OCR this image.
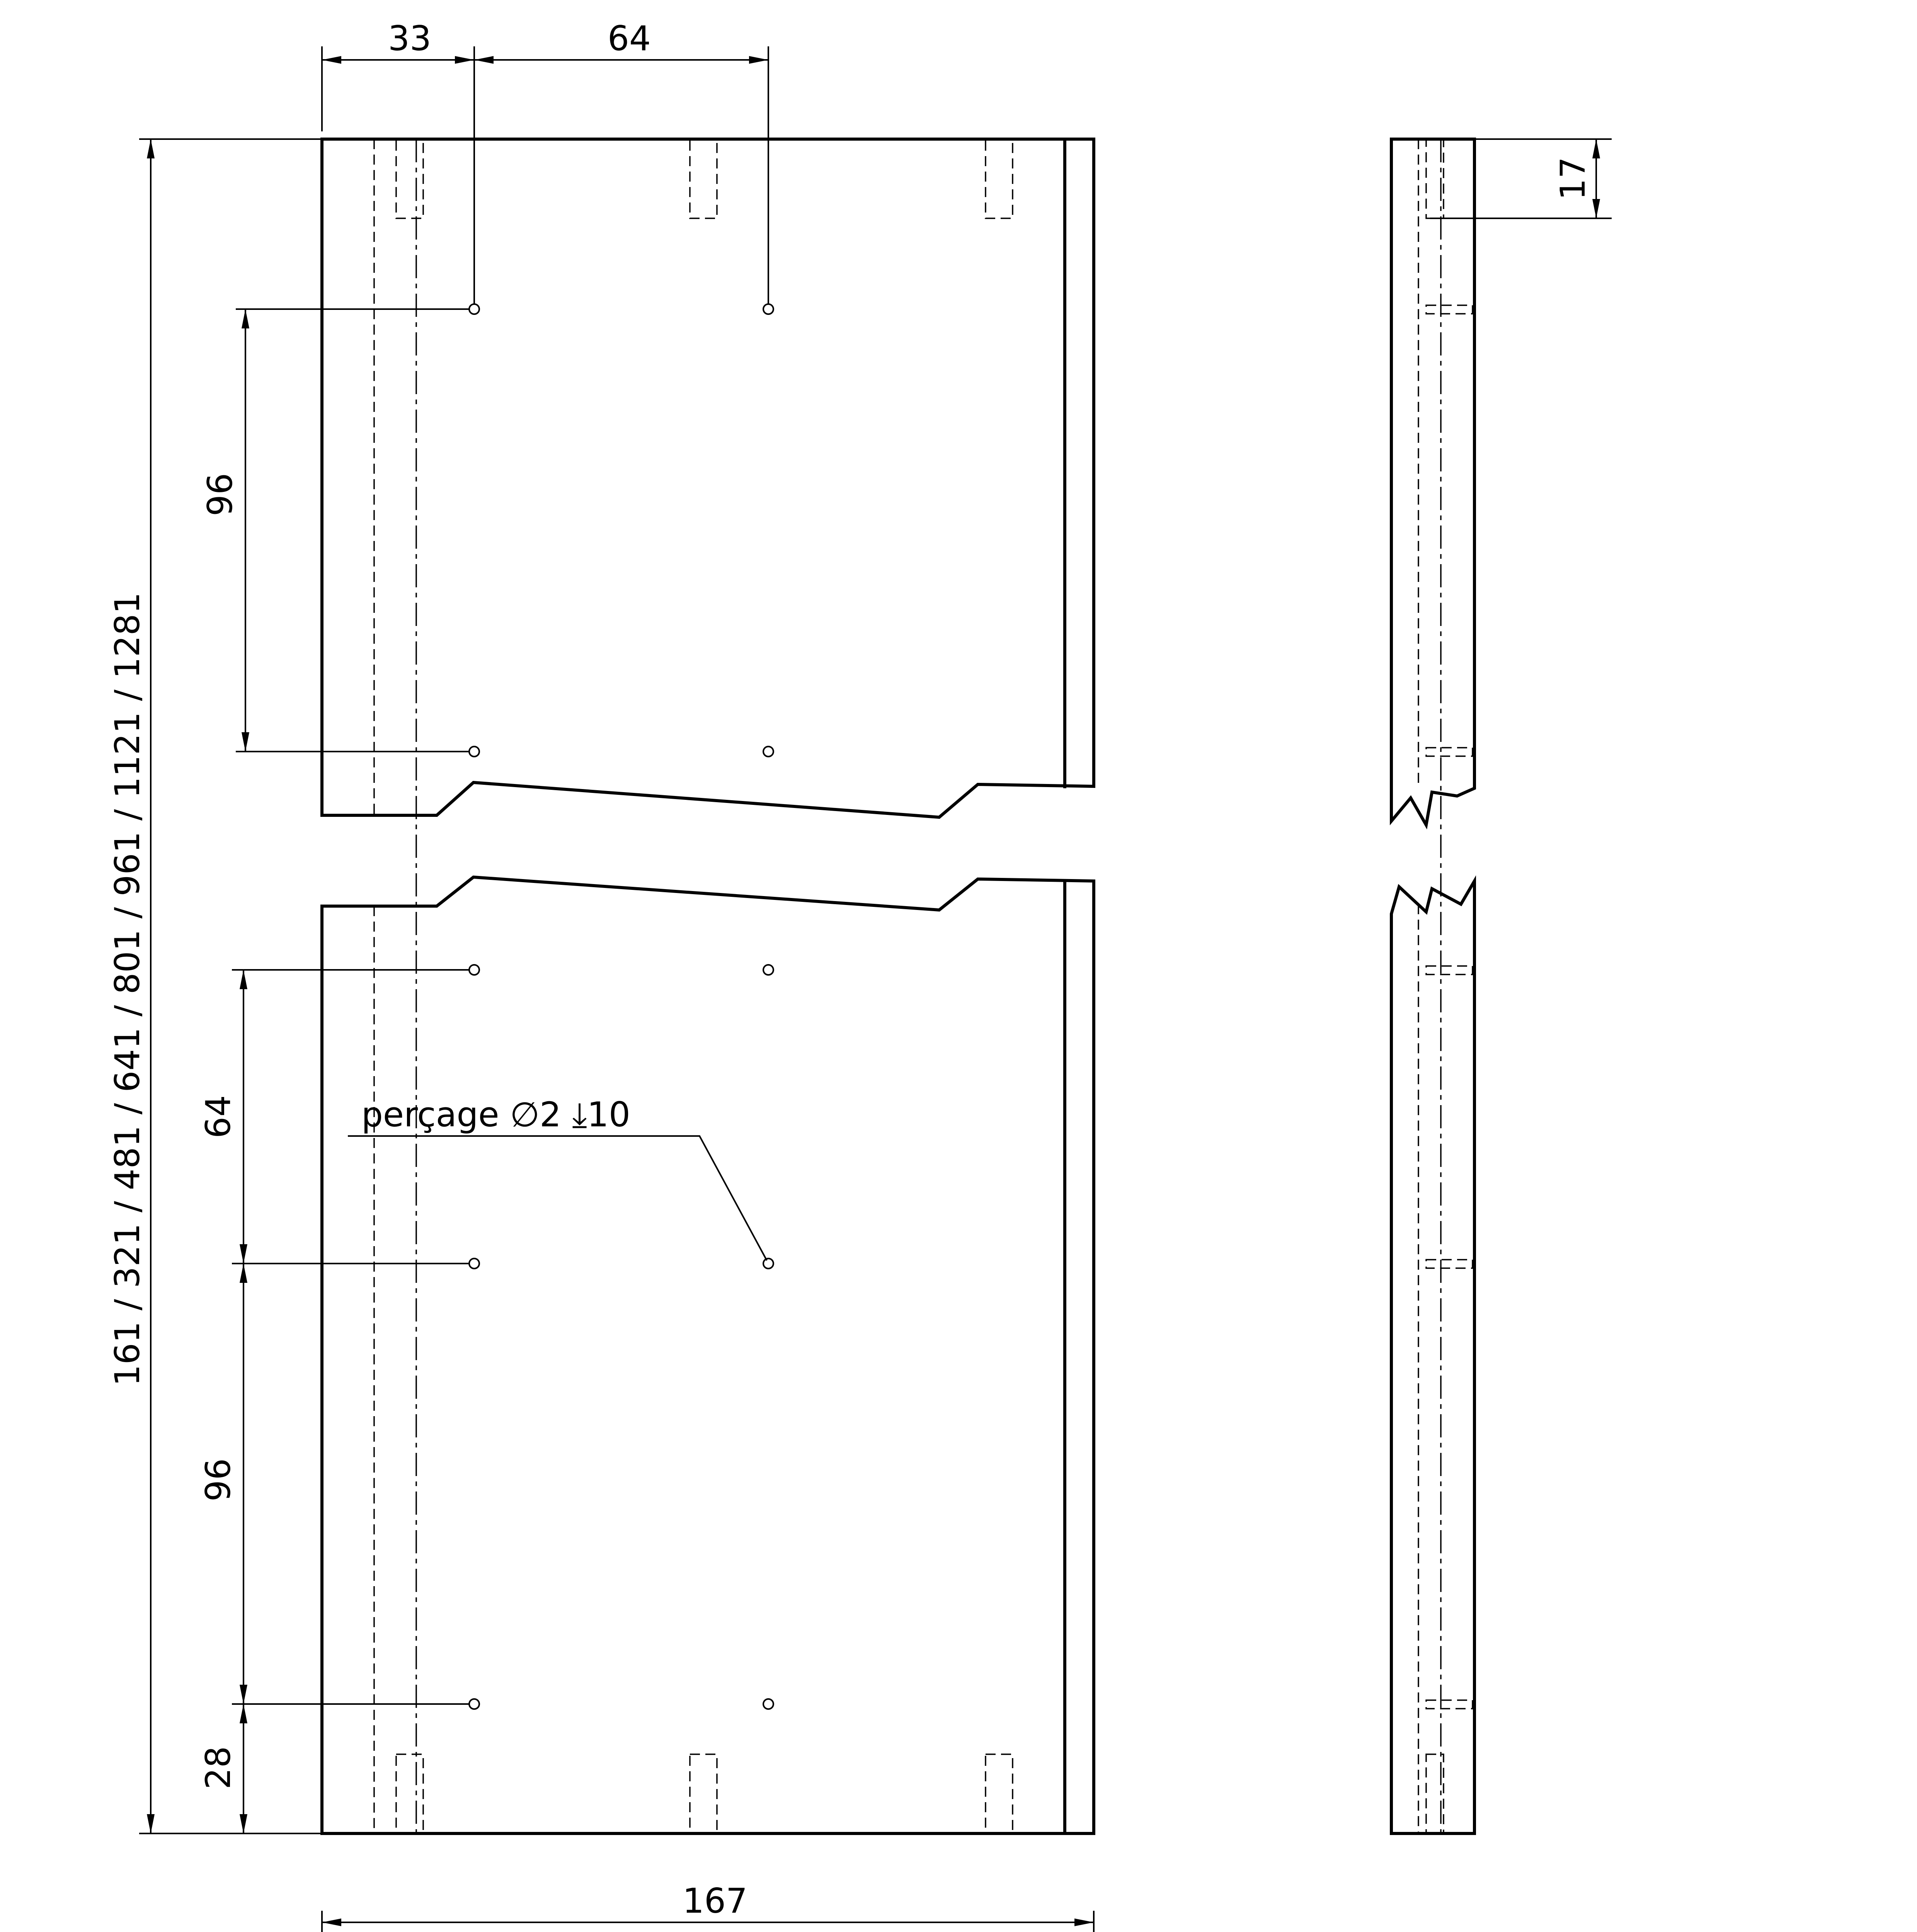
33	64
161 / 321 / 481 / 641 / 801 / 961 / 1121 / 1281
96
64
96
28
perçage ∅2 ⤓10
17
167
